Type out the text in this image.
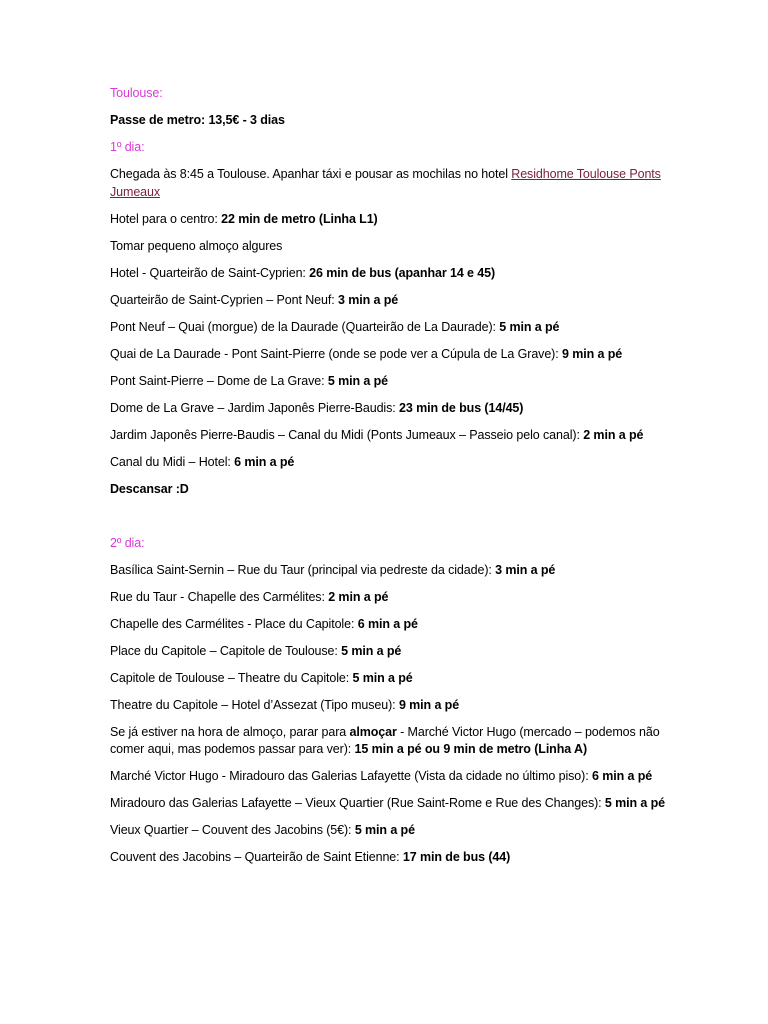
Toulouse:

Passe de metro: 13,5€ - 3 dias

1º dia:

Chegada às 8:45 a Toulouse. Apanhar táxi e pousar as mochilas no hotel Residhome Toulouse Ponts Jumeaux

Hotel para o centro: 22 min de metro (Linha L1)

Tomar pequeno almoço algures

Hotel - Quarteirão de Saint-Cyprien: 26 min de bus (apanhar 14 e 45)

Quarteirão de Saint-Cyprien – Pont Neuf: 3 min a pé

Pont Neuf – Quai (morgue) de la Daurade (Quarteirão de La Daurade): 5 min a pé

Quai de La Daurade - Pont Saint-Pierre (onde se pode ver a Cúpula de La Grave): 9 min a pé

Pont Saint-Pierre – Dome de La Grave: 5 min a pé

Dome de La Grave – Jardim Japonês Pierre-Baudis: 23 min de bus (14/45)

Jardim Japonês Pierre-Baudis – Canal du Midi (Ponts Jumeaux – Passeio pelo canal): 2 min a pé

Canal du Midi – Hotel: 6 min a pé

Descansar :D

2º dia:

Basílica Saint-Sernin – Rue du Taur (principal via pedreste da cidade): 3 min a pé

Rue du Taur - Chapelle des Carmélites: 2 min a pé

Chapelle des Carmélites - Place du Capitole: 6 min a pé

Place du Capitole – Capitole de Toulouse: 5 min a pé

Capitole de Toulouse – Theatre du Capitole: 5 min a pé

Theatre du Capitole – Hotel d’Assezat (Tipo museu): 9 min a pé

Se já estiver na hora de almoço, parar para almoçar - Marché Victor Hugo (mercado – podemos não comer aqui, mas podemos passar para ver): 15 min a pé ou 9 min de metro (Linha A)

Marché Victor Hugo - Miradouro das Galerias Lafayette (Vista da cidade no último piso): 6 min a pé

Miradouro das Galerias Lafayette – Vieux Quartier (Rue Saint-Rome e Rue des Changes): 5 min a pé

Vieux Quartier – Couvent des Jacobins (5€): 5 min a pé

Couvent des Jacobins – Quarteirão de Saint Etienne: 17 min de bus (44)
